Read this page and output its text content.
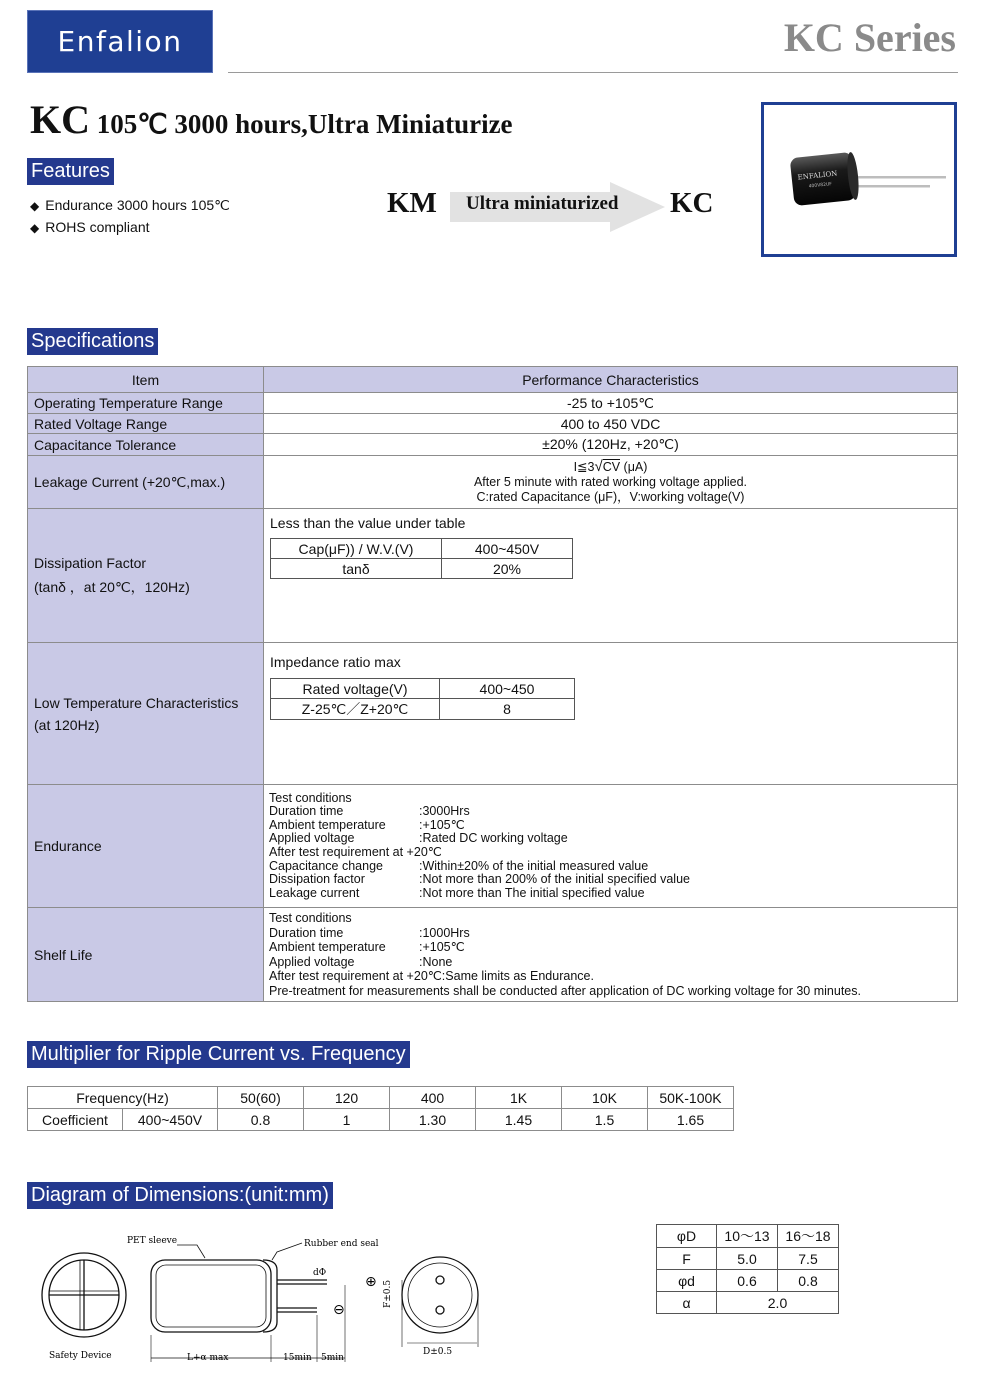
Enfalion	KC Series
KC 105℃ 3000 hours,Ultra Miniaturize
Features
◆ Endurance 3000 hours 105℃
◆ ROHS compliant
KM Ultra miniaturized KC
ENFALION
400V82UF
Specifications
Item	Performance Characteristics
Operating Temperature Range	-25 to +105℃
Rated Voltage Range	400 to 450 VDC
Capacitance Tolerance	±20% (120Hz, +20℃)
Leakage Current (+20℃,max.)	
I≦3√CV (μA)
After 5 minute with rated working voltage applied.
C:rated Capacitance (μF)，V:working voltage(V)

Dissipation Factor
(tanδ ，at 20℃，120Hz)

Less than the value under table
Cap(μF)) / W.V.(V)	400~450V
tanδ	20%

Low Temperature Characteristics
(at 120Hz)

Impedance ratio max
Rated voltage(V)	400~450
Z-25℃／Z+20℃	8

Endurance	
Test conditions
Duration time	:3000Hrs
Ambient temperature	:+105℃
Applied voltage	:Rated DC working voltage
After test requirement at +20℃
Capacitance change	:Within±20% of the initial measured value
Dissipation factor	:Not more than 200% of the initial specified value
Leakage current	:Not more than The initial specified value

Shelf Life	
Test conditions
Duration time	:1000Hrs
Ambient temperature	:+105℃
Applied voltage	:None
After test requirement at +20℃:Same limits as Endurance.
Pre-treatment for measurements shall be conducted after application of DC working voltage for 30 minutes.
Multiplier for Ripple Current vs. Frequency
Frequency(Hz)		50(60)	120	400	1K	10K	50K-100K
Coefficient	400~450V	0.8	1	1.30	1.45	1.5	1.65
Diagram of Dimensions:(unit:mm)
PET sleeve	Rubber end seal
dΦ
Safety Device	L+α max	15min 5min
⊕
⊖
F±0.5
D±0.5
φD	10〜13	16〜18
F	5.0	7.5
φd	0.6	0.8
α	2.0	
